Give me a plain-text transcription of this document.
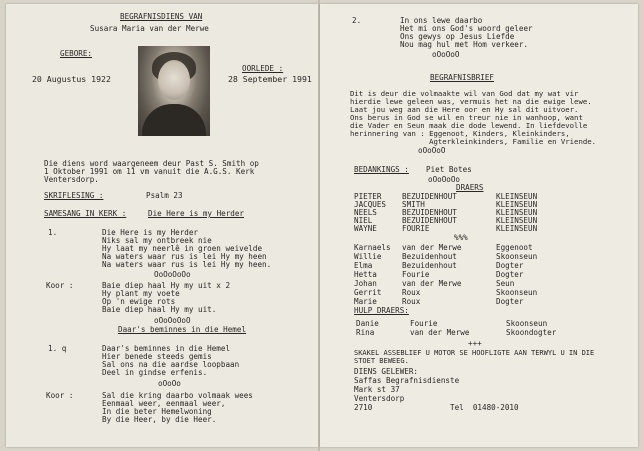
BEGRAFNISDIENS VAN
Susara Maria van der Merwe
GEBORE:
20 Augustus 1922
OORLEDE :
28 September 1991
Die diens word waargeneem deur Past S. Smith op
1 Oktober 1991 om 11 vm vanuit die A.G.S. Kerk
Ventersdorp.
SKRIFLESING :	Psalm 23
SAMESANG IN KERK :	Die Here is my Herder
1.	Die Here is my Herder
Niks sal my ontbreek nie
Hy laat my neerlê in groen weivelde
Na waters waar rus is lei Hy my heen
Na waters waar rus is lei Hy my heen.
OoOoOoOo
Koor :	Baie diep haal Hy my uit x 2
Hy plant my voete
Op 'n ewige rots
Baie diep haal Hy my uit.
oOoOoOoO
Daar's beminnes in die Hemel
1. q	Daar's beminnes in die Hemel
Hier benede steeds gemis
Sal ons na die aardse loopbaan
Deel in gindse erfenis.
oOoOo
Koor :	Sal die kring daarbo volmaak wees
Eenmaal weer, eenmaal weer,
In die beter Hemelwoning
By die Heer, by die Heer.
2.	In ons lewe daarbo
Het mi ons God's woord geleer
Ons gewys op Jesus Liefde
Nou mag hul met Hom verkeer.
oOoOoO
BEGRAFNISBRIEF
Dit is deur die volmaakte wil van God dat my wat vir
hierdie lewe geleen was, vermuis het na die ewige lewe.
Laat jou weg aan die Here oor en Hy sal dit uitvoer.
Ons berus in God se wil en treur nie in wanhoop, want
die Vader en Seun maak die dode lewend. In liefdevolle
herinnering van : Eggenoot, Kinders, Kleinkinders,
Agterkleinkinders, Familie en Vriende.
oOoOoO
BEDANKINGS : Piet Botes
oOoOoOo
DRAERS
PIETER	BEZUIDENHOUT	KLEINSEUN
JACQUES SMITH	KLEINSEUN
NEELS	BEZUIDENHOUT	KLEINSEUN
NIEL	BEZUIDENHOUT	KLEINSEUN
WAYNE	FOURIE	KLEINSEUN
%%%
Karnaels van der Merwe	Eggenoot
Willie	Bezuidenhout	Skoonseun
Elma	Bezuidenhout	Dogter
Hetta	Fourie	Dogter
Johan	van der Merwe	Seun
Gerrit	Roux	Skoonseun
Marie	Roux	Dogter
HULP DRAERS:
Danie	Fourie	Skoonseun
Rina	van der Merwe	Skoondogter
+++
SKAKEL ASSEBLIEF U MOTOR SE HOOFLIGTE AAN TERWYL U IN DIE
STOET BEWEEG.
DIENS GELEWER:
Saffas Begrafnisdienste
Mark st 37
Ventersdorp
2710	Tel  01480-2010
